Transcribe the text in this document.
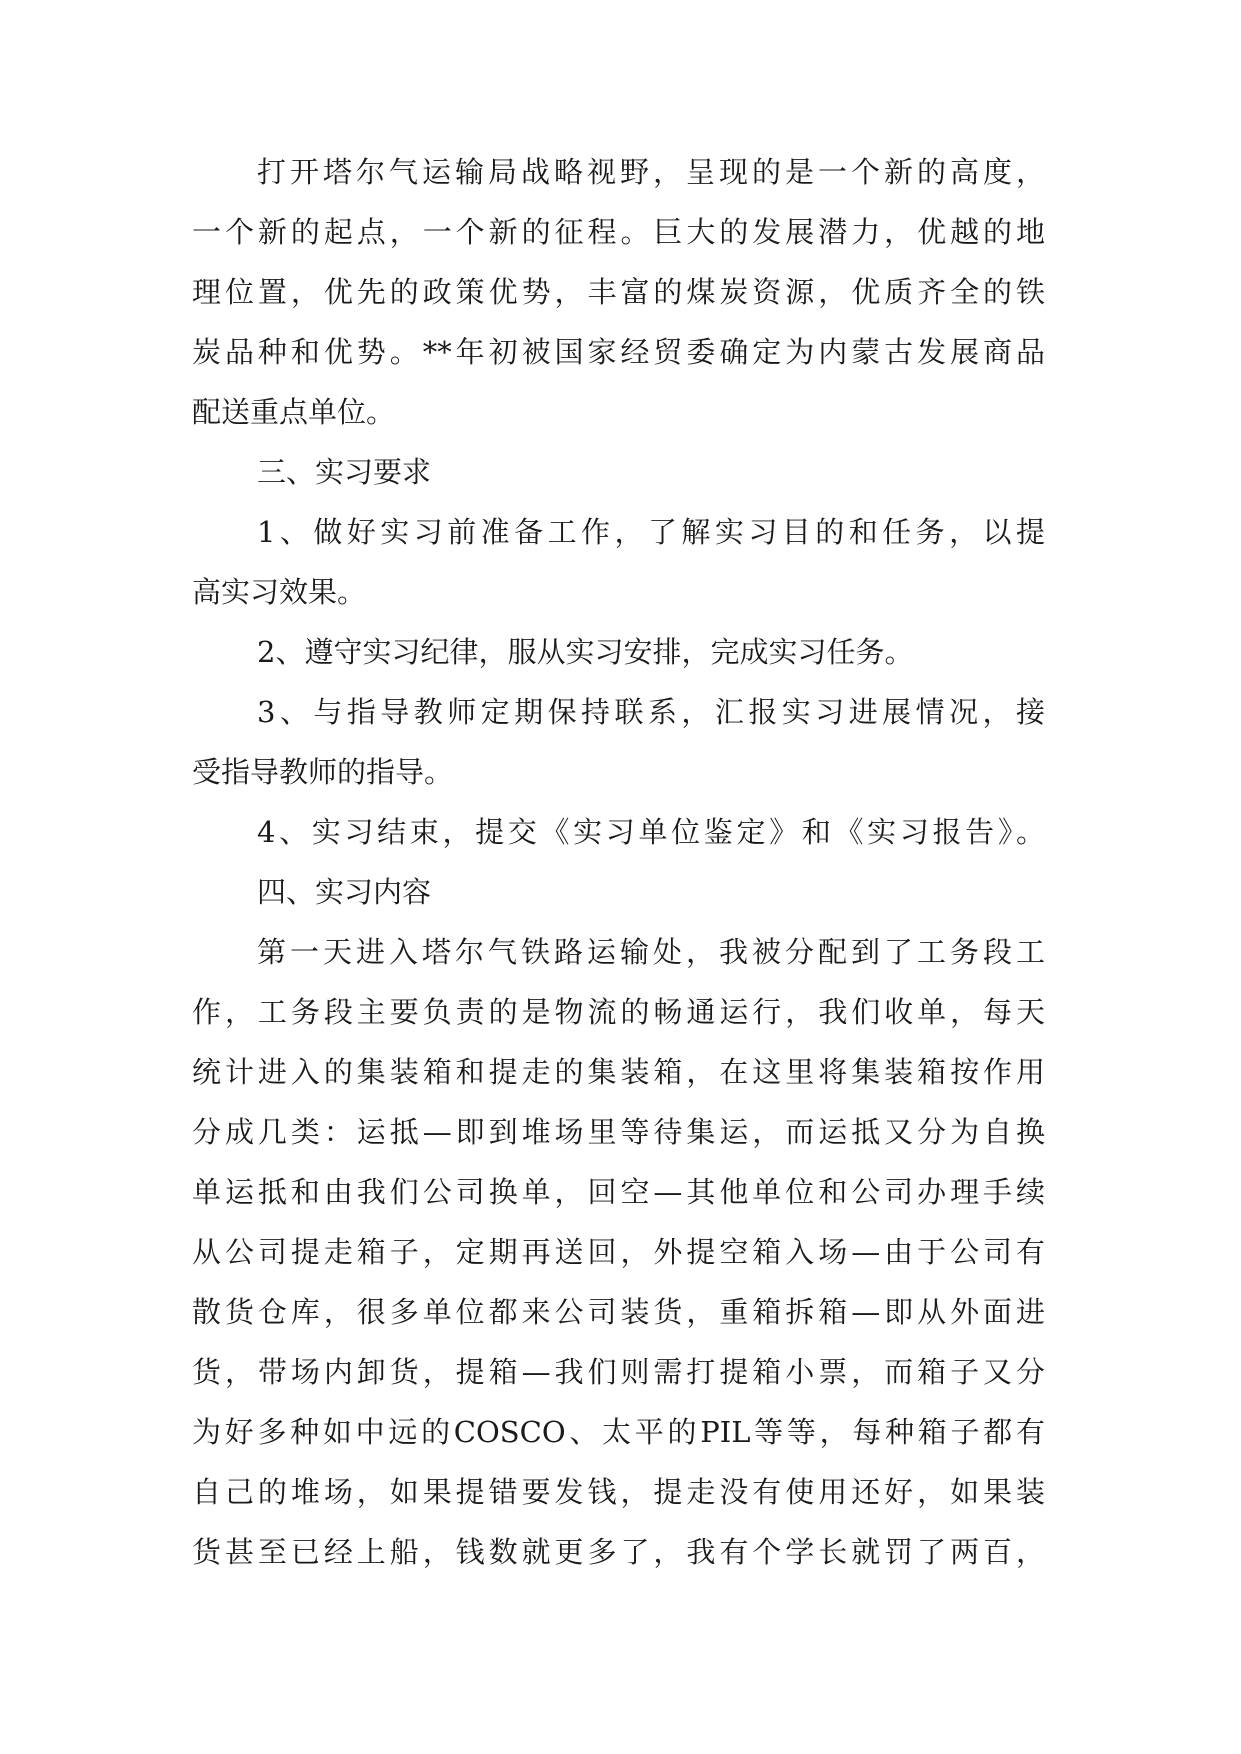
打开塔尔气运输局战略视野，呈现的是一个新的高度，

一个新的起点，一个新的征程。巨大的发展潜力，优越的地

理位置，优先的政策优势，丰富的煤炭资源，优质齐全的铁

炭品种和优势。**年初被国家经贸委确定为内蒙古发展商品

配送重点单位。

三、实习要求

1、做好实习前准备工作，了解实习目的和任务，以提

高实习效果。

2、遵守实习纪律，服从实习安排，完成实习任务。

3、与指导教师定期保持联系，汇报实习进展情况，接

受指导教师的指导。

4、实习结束，提交《实习单位鉴定》和《实习报告》。

四、实习内容

第一天进入塔尔气铁路运输处，我被分配到了工务段工

作，工务段主要负责的是物流的畅通运行，我们收单，每天

统计进入的集装箱和提走的集装箱，在这里将集装箱按作用

分成几类：运抵—即到堆场里等待集运，而运抵又分为自换

单运抵和由我们公司换单，回空—其他单位和公司办理手续

从公司提走箱子，定期再送回，外提空箱入场—由于公司有

散货仓库，很多单位都来公司装货，重箱拆箱—即从外面进

货，带场内卸货，提箱—我们则需打提箱小票，而箱子又分

为好多种如中远的COSCO、太平的PIL等等，每种箱子都有

自己的堆场，如果提错要发钱，提走没有使用还好，如果装

货甚至已经上船，钱数就更多了，我有个学长就罚了两百，
